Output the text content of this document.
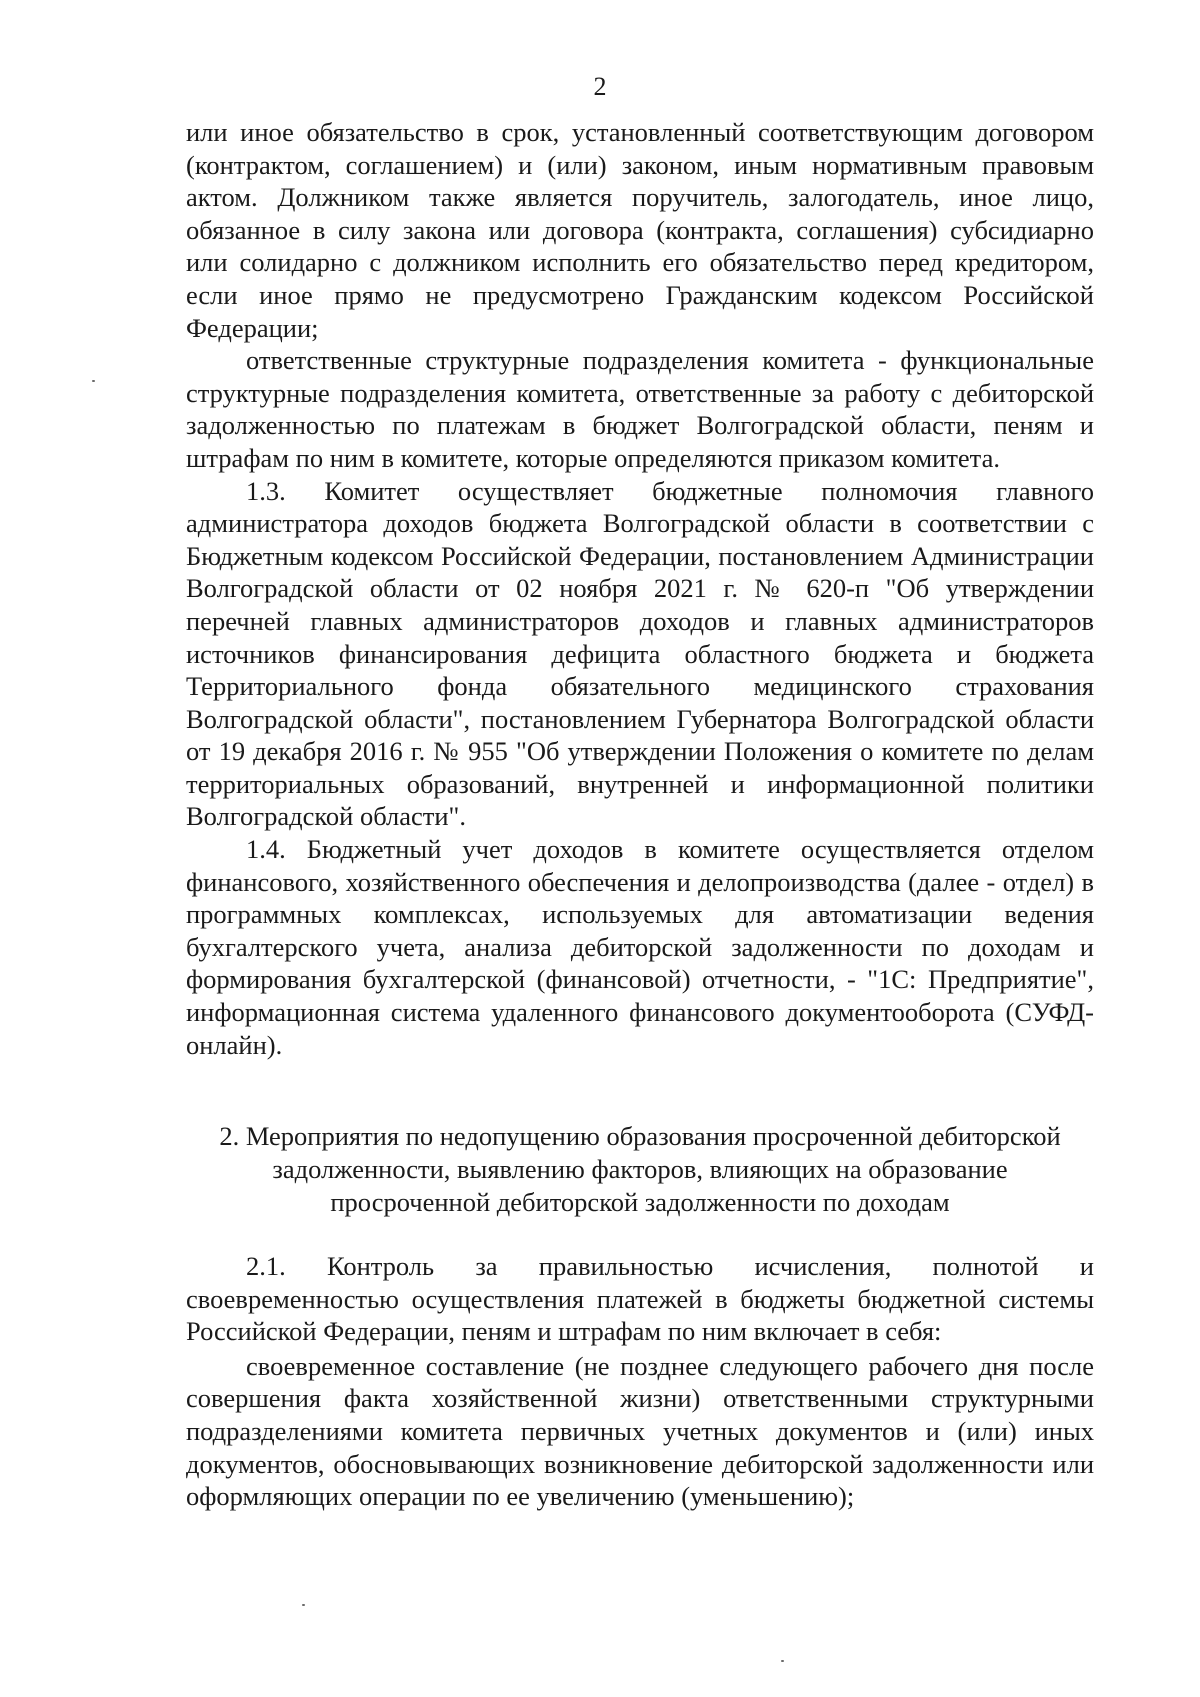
2

или иное обязательство в срок, установленный соответствующим договором (контрактом, соглашением) и (или) законом, иным нормативным правовым актом. Должником также является поручитель, залогодатель, иное лицо, обязанное в силу закона или договора (контракта, соглашения) субсидиарно или солидарно с должником исполнить его обязательство перед кредитором, если иное прямо не предусмотрено Гражданским кодексом Российской Федерации;

ответственные структурные подразделения комитета - функциональные структурные подразделения комитета, ответственные за работу с дебиторской задолженностью по платежам в бюджет Волгоградской области, пеням и штрафам по ним в комитете, которые определяются приказом комитета.

1.3. Комитет осуществляет бюджетные полномочия главного администратора доходов бюджета Волгоградской области в соответствии с Бюджетным кодексом Российской Федерации, постановлением Администрации Волгоградской области от 02 ноября 2021 г. № 620-п "Об утверждении перечней главных администраторов доходов и главных администраторов источников финансирования дефицита областного бюджета и бюджета Территориального фонда обязательного медицинского страхования Волгоградской области", постановлением Губернатора Волгоградской области от 19 декабря 2016 г. № 955 "Об утверждении Положения о комитете по делам территориальных образований, внутренней и информационной политики Волгоградской области".

1.4. Бюджетный учет доходов в комитете осуществляется отделом финансового, хозяйственного обеспечения и делопроизводства (далее - отдел) в программных комплексах, используемых для автоматизации ведения бухгалтерского учета, анализа дебиторской задолженности по доходам и формирования бухгалтерской (финансовой) отчетности, - "1С: Предприятие", информационная система удаленного финансового документооборота (СУФД-онлайн).

2. Мероприятия по недопущению образования просроченной дебиторской
задолженности, выявлению факторов, влияющих на образование
просроченной дебиторской задолженности по доходам

2.1. Контроль за правильностью исчисления, полнотой и своевременностью осуществления платежей в бюджеты бюджетной системы Российской Федерации, пеням и штрафам по ним включает в себя:

своевременное составление (не позднее следующего рабочего дня после совершения факта хозяйственной жизни) ответственными структурными подразделениями комитета первичных учетных документов и (или) иных документов, обосновывающих возникновение дебиторской задолженности или оформляющих операции по ее увеличению (уменьшению);
